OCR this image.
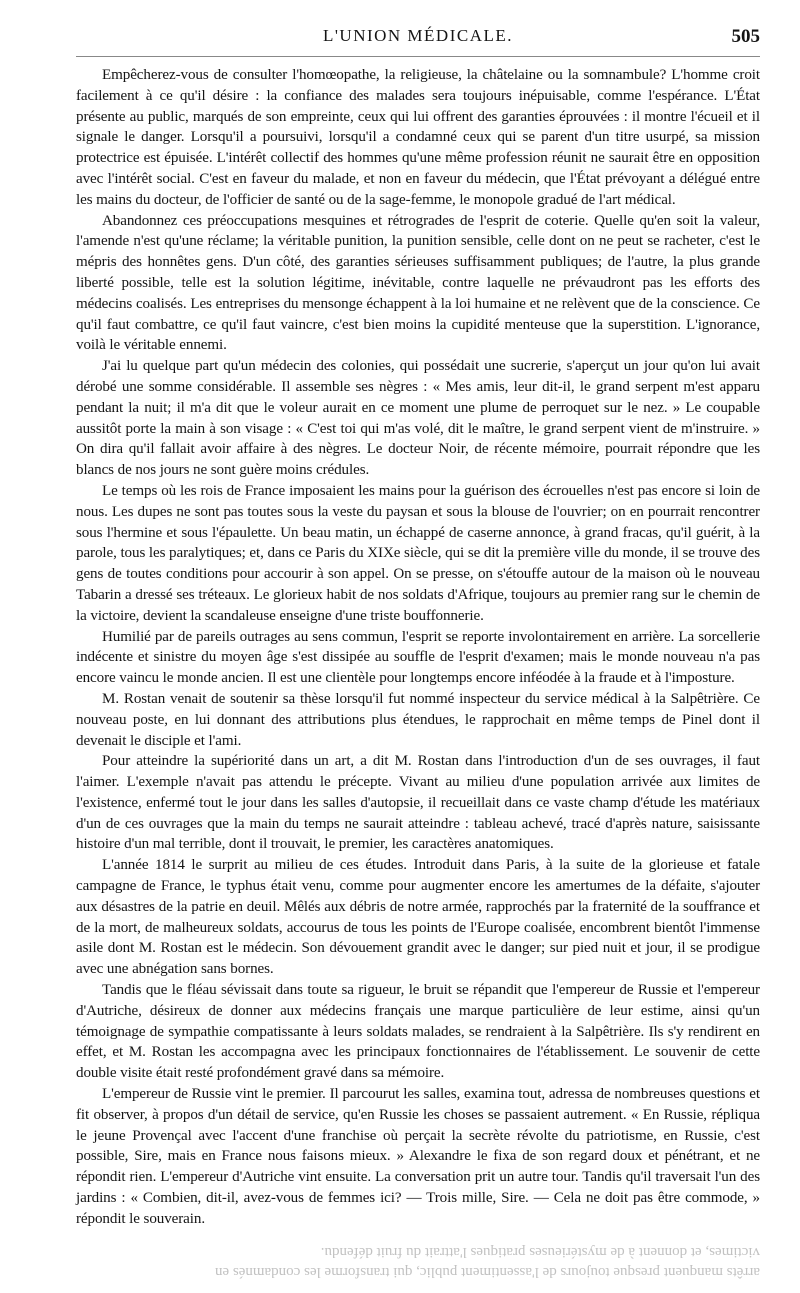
L'UNION MÉDICALE.	505

Empêcherez-vous de consulter l'homœopathe, la religieuse, la châtelaine ou la somnambule? L'homme croit facilement à ce qu'il désire : la confiance des malades sera toujours inépuisable, comme l'espérance. L'État présente au public, marqués de son empreinte, ceux qui lui offrent des garanties éprouvées : il montre l'écueil et il signale le danger. Lorsqu'il a poursuivi, lorsqu'il a condamné ceux qui se parent d'un titre usurpé, sa mission protectrice est épuisée. L'intérêt collectif des hommes qu'une même profession réunit ne saurait être en opposition avec l'intérêt social. C'est en faveur du malade, et non en faveur du médecin, que l'État prévoyant a délégué entre les mains du docteur, de l'officier de santé ou de la sage-femme, le monopole gradué de l'art médical.

Abandonnez ces préoccupations mesquines et rétrogrades de l'esprit de coterie. Quelle qu'en soit la valeur, l'amende n'est qu'une réclame; la véritable punition, la punition sensible, celle dont on ne peut se racheter, c'est le mépris des honnêtes gens. D'un côté, des garanties sérieuses suffisamment publiques; de l'autre, la plus grande liberté possible, telle est la solution légitime, inévitable, contre laquelle ne prévaudront pas les efforts des médecins coalisés. Les entreprises du mensonge échappent à la loi humaine et ne relèvent que de la conscience. Ce qu'il faut combattre, ce qu'il faut vaincre, c'est bien moins la cupidité menteuse que la superstition. L'ignorance, voilà le véritable ennemi.

J'ai lu quelque part qu'un médecin des colonies, qui possédait une sucrerie, s'aperçut un jour qu'on lui avait dérobé une somme considérable. Il assemble ses nègres : « Mes amis, leur dit-il, le grand serpent m'est apparu pendant la nuit; il m'a dit que le voleur aurait en ce moment une plume de perroquet sur le nez. » Le coupable aussitôt porte la main à son visage : « C'est toi qui m'as volé, dit le maître, le grand serpent vient de m'instruire. » On dira qu'il fallait avoir affaire à des nègres. Le docteur Noir, de récente mémoire, pourrait répondre que les blancs de nos jours ne sont guère moins crédules.

Le temps où les rois de France imposaient les mains pour la guérison des écrouelles n'est pas encore si loin de nous. Les dupes ne sont pas toutes sous la veste du paysan et sous la blouse de l'ouvrier; on en pourrait rencontrer sous l'hermine et sous l'épaulette. Un beau matin, un échappé de caserne annonce, à grand fracas, qu'il guérit, à la parole, tous les paralytiques; et, dans ce Paris du XIXe siècle, qui se dit la première ville du monde, il se trouve des gens de toutes conditions pour accourir à son appel. On se presse, on s'étouffe autour de la maison où le nouveau Tabarin a dressé ses tréteaux. Le glorieux habit de nos soldats d'Afrique, toujours au premier rang sur le chemin de la victoire, devient la scandaleuse enseigne d'une triste bouffonnerie.

Humilié par de pareils outrages au sens commun, l'esprit se reporte involontairement en arrière. La sorcellerie indécente et sinistre du moyen âge s'est dissipée au souffle de l'esprit d'examen; mais le monde nouveau n'a pas encore vaincu le monde ancien. Il est une clientèle pour longtemps encore inféodée à la fraude et à l'imposture.

M. Rostan venait de soutenir sa thèse lorsqu'il fut nommé inspecteur du service médical à la Salpêtrière. Ce nouveau poste, en lui donnant des attributions plus étendues, le rapprochait en même temps de Pinel dont il devenait le disciple et l'ami.

Pour atteindre la supériorité dans un art, a dit M. Rostan dans l'introduction d'un de ses ouvrages, il faut l'aimer. L'exemple n'avait pas attendu le précepte. Vivant au milieu d'une population arrivée aux limites de l'existence, enfermé tout le jour dans les salles d'autopsie, il recueillait dans ce vaste champ d'étude les matériaux d'un de ces ouvrages que la main du temps ne saurait atteindre : tableau achevé, tracé d'après nature, saisissante histoire d'un mal terrible, dont il trouvait, le premier, les caractères anatomiques.

L'année 1814 le surprit au milieu de ces études. Introduit dans Paris, à la suite de la glorieuse et fatale campagne de France, le typhus était venu, comme pour augmenter encore les amertumes de la défaite, s'ajouter aux désastres de la patrie en deuil. Mêlés aux débris de notre armée, rapprochés par la fraternité de la souffrance et de la mort, de malheureux soldats, accourus de tous les points de l'Europe coalisée, encombrent bientôt l'immense asile dont M. Rostan est le médecin. Son dévouement grandit avec le danger; sur pied nuit et jour, il se prodigue avec une abnégation sans bornes.

Tandis que le fléau sévissait dans toute sa rigueur, le bruit se répandit que l'empereur de Russie et l'empereur d'Autriche, désireux de donner aux médecins français une marque particulière de leur estime, ainsi qu'un témoignage de sympathie compatissante à leurs soldats malades, se rendraient à la Salpêtrière. Ils s'y rendirent en effet, et M. Rostan les accompagna avec les principaux fonctionnaires de l'établissement. Le souvenir de cette double visite était resté profondément gravé dans sa mémoire.

L'empereur de Russie vint le premier. Il parcourut les salles, examina tout, adressa de nombreuses questions et fit observer, à propos d'un détail de service, qu'en Russie les choses se passaient autrement. « En Russie, répliqua le jeune Provençal avec l'accent d'une franchise où perçait la secrète révolte du patriotisme, en Russie, c'est possible, Sire, mais en France nous faisons mieux. » Alexandre le fixa de son regard doux et pénétrant, et ne répondit rien. L'empereur d'Autriche vint ensuite. La conversation prit un autre tour. Tandis qu'il traversait l'un des jardins : « Combien, dit-il, avez-vous de femmes ici? — Trois mille, Sire. — Cela ne doit pas être commode, » répondit le souverain.

arrêts manquent presque toujours de l'assentiment public, qui transforme les condamnés en
victimes, et donnent à de mystérieuses pratiques l'attrait du fruit défendu.
